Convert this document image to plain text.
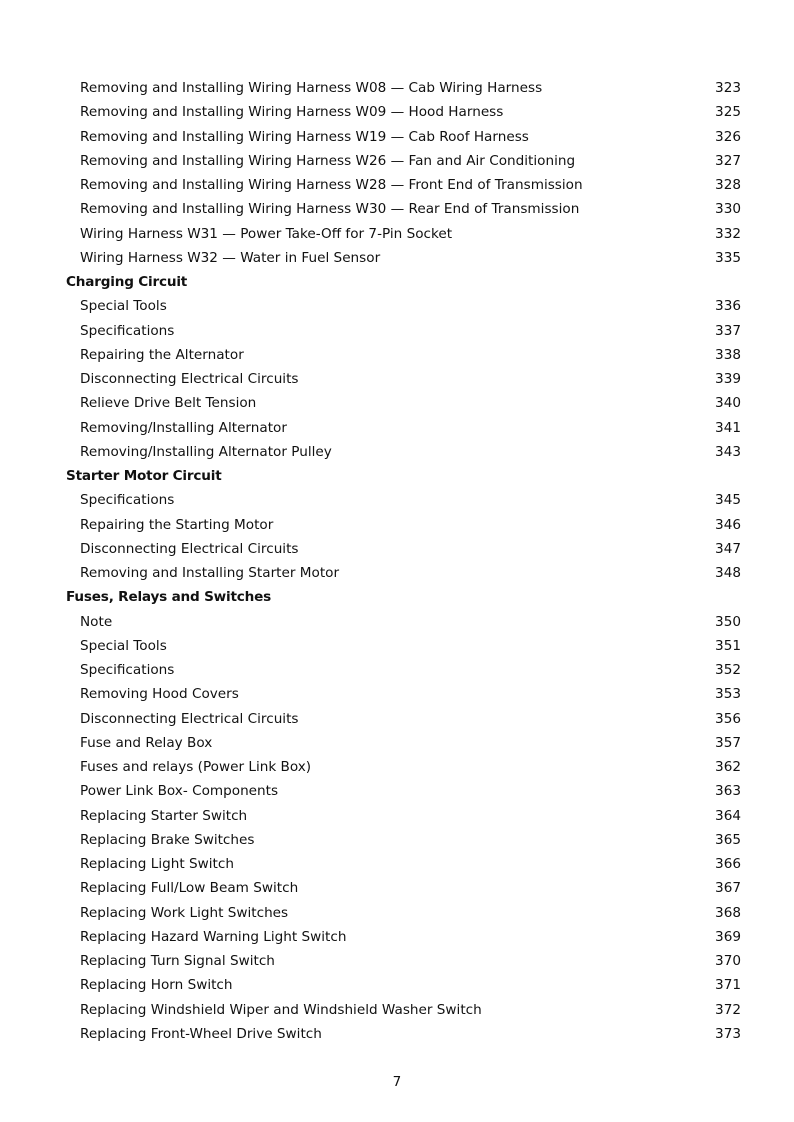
Removing and Installing Wiring Harness W08 — Cab Wiring Harness	323
Removing and Installing Wiring Harness W09 — Hood Harness	325
Removing and Installing Wiring Harness W19 — Cab Roof Harness	326
Removing and Installing Wiring Harness W26 — Fan and Air Conditioning	327
Removing and Installing Wiring Harness W28 — Front End of Transmission	328
Removing and Installing Wiring Harness W30 — Rear End of Transmission	330
Wiring Harness W31 — Power Take-Off for 7-Pin Socket	332
Wiring Harness W32 — Water in Fuel Sensor	335
Charging Circuit
Special Tools	336
Specifications	337
Repairing the Alternator	338
Disconnecting Electrical Circuits	339
Relieve Drive Belt Tension	340
Removing/Installing Alternator	341
Removing/Installing Alternator Pulley	343
Starter Motor Circuit
Specifications	345
Repairing the Starting Motor	346
Disconnecting Electrical Circuits	347
Removing and Installing Starter Motor	348
Fuses, Relays and Switches
Note	350
Special Tools	351
Specifications	352
Removing Hood Covers	353
Disconnecting Electrical Circuits	356
Fuse and Relay Box	357
Fuses and relays (Power Link Box)	362
Power Link Box- Components	363
Replacing Starter Switch	364
Replacing Brake Switches	365
Replacing Light Switch	366
Replacing Full/Low Beam Switch	367
Replacing Work Light Switches	368
Replacing Hazard Warning Light Switch	369
Replacing Turn Signal Switch	370
Replacing Horn Switch	371
Replacing Windshield Wiper and Windshield Washer Switch	372
Replacing Front-Wheel Drive Switch	373
7
